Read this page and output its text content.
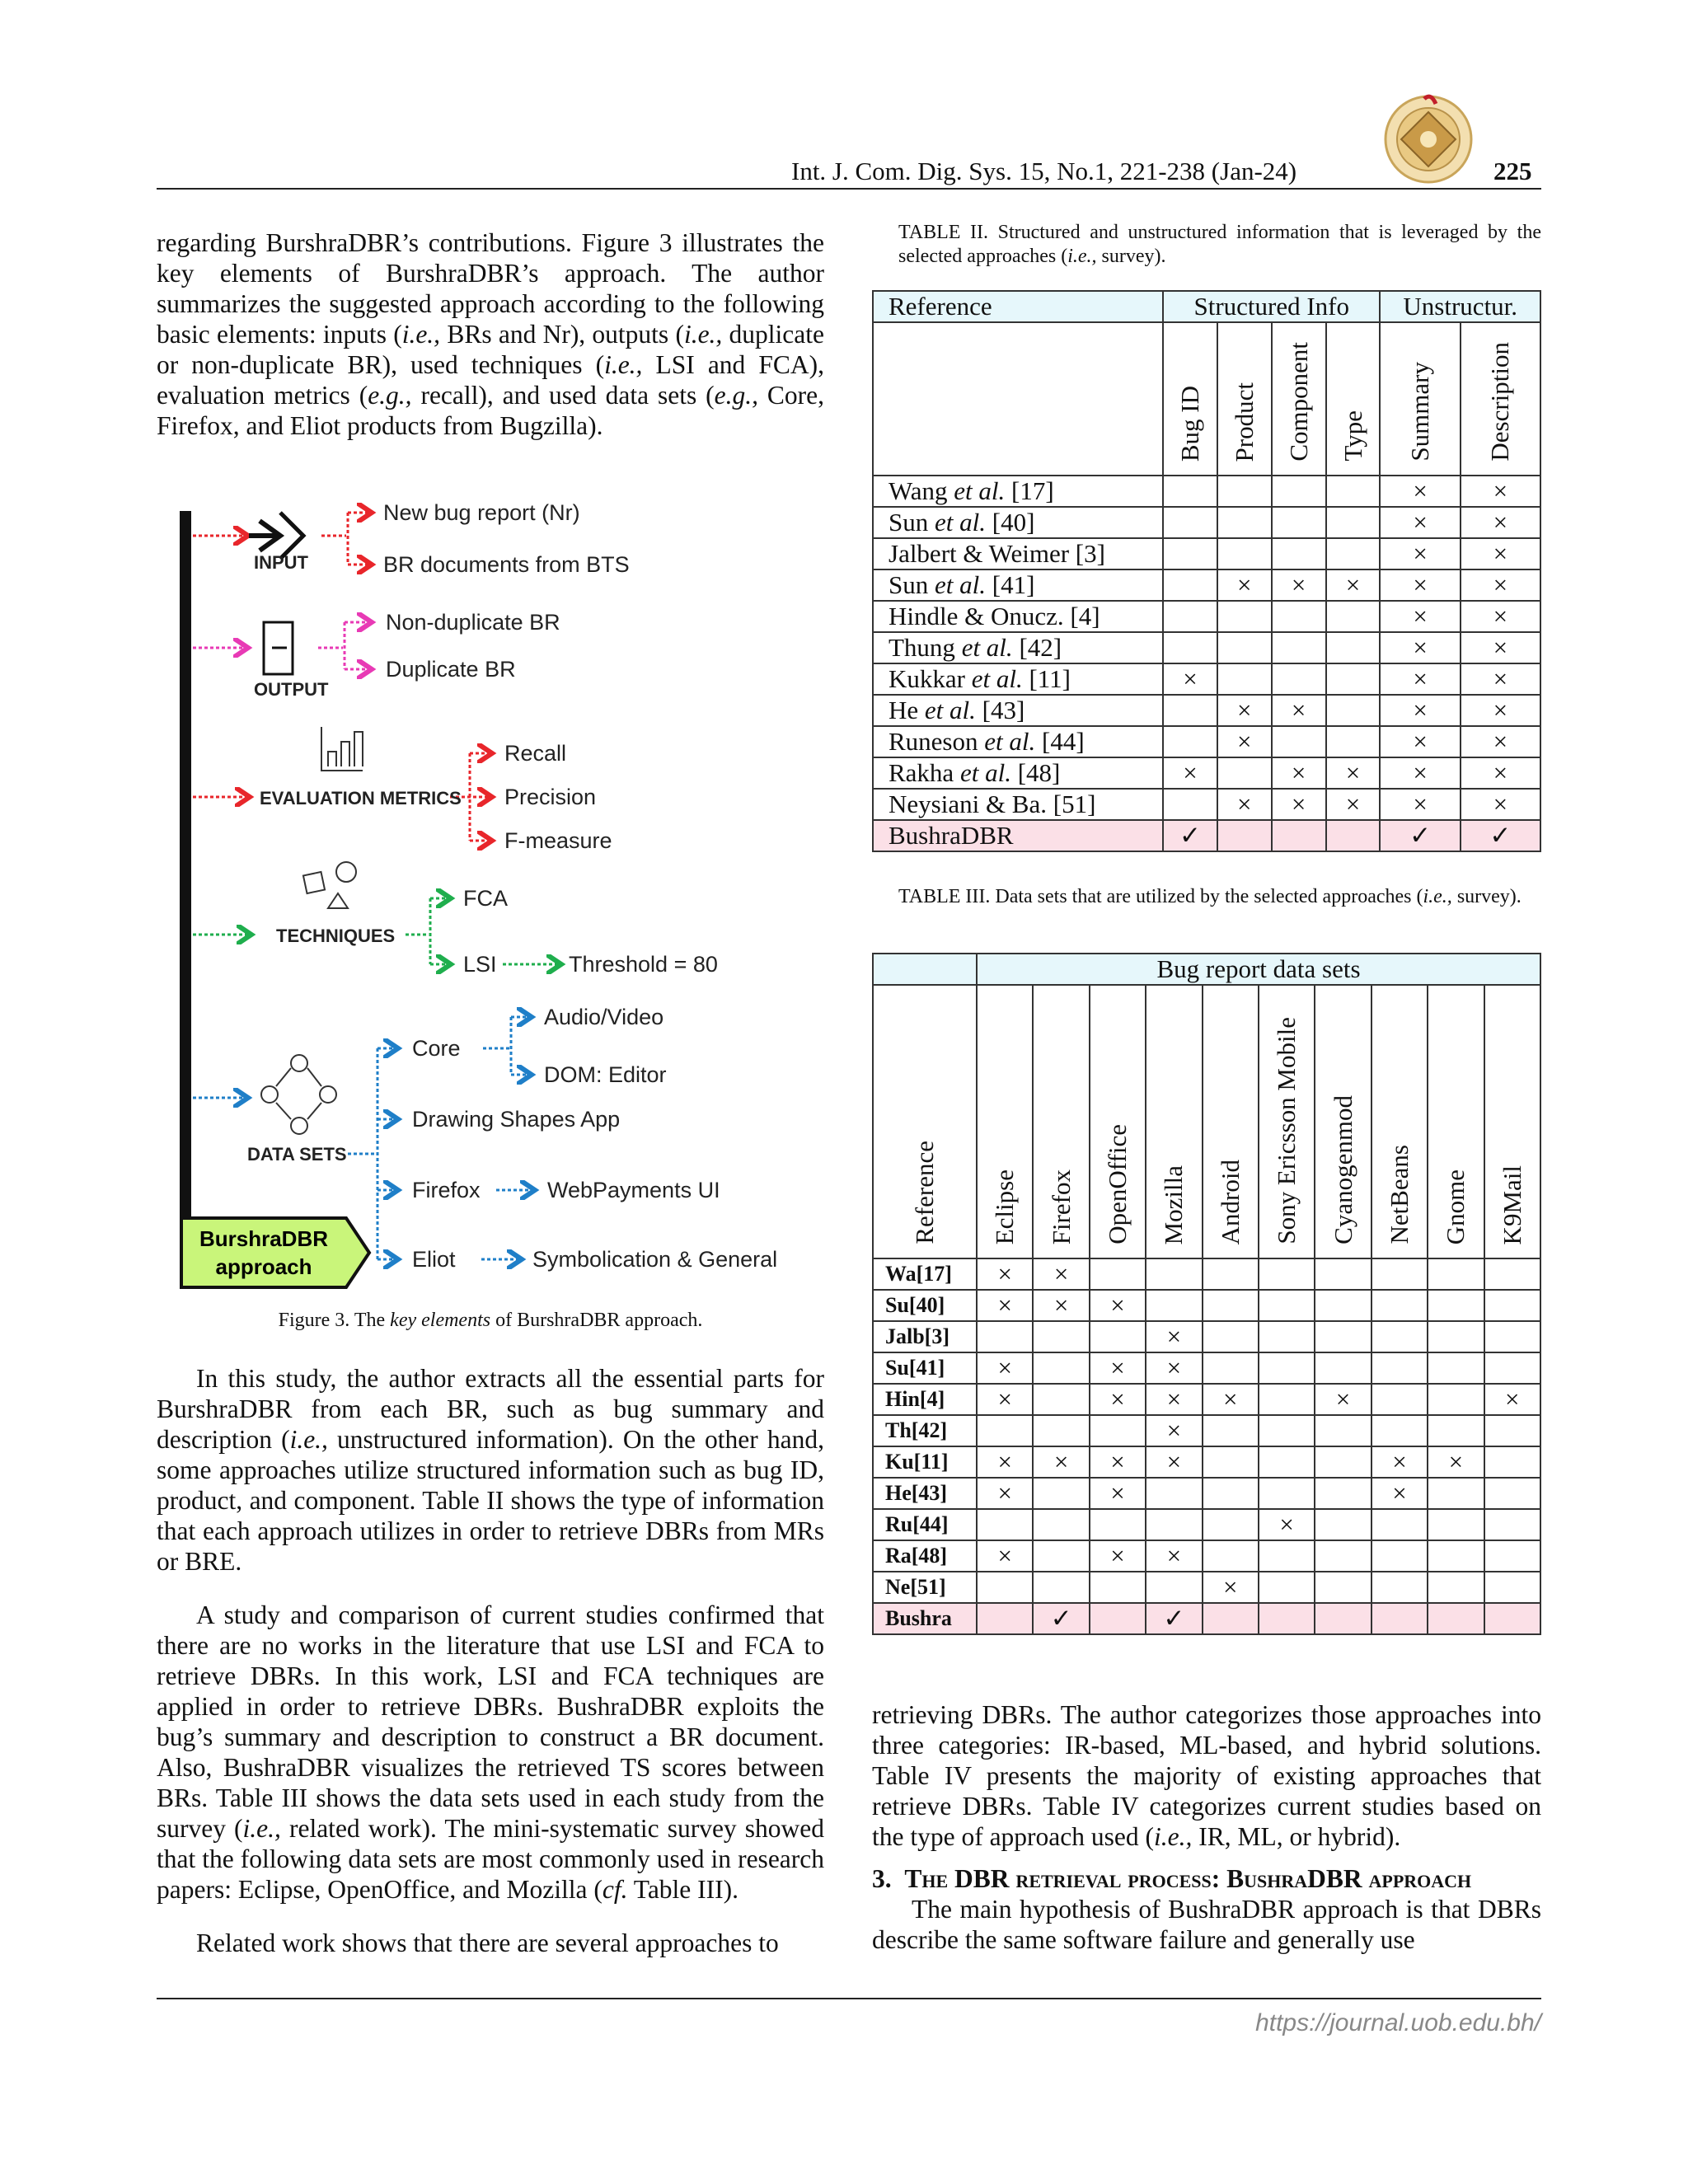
Int. J. Com. Dig. Sys. 15, No.1, 221-238 (Jan-24)	225

regarding BurshraDBR’s contributions. Figure 3 illustrates the key elements of BurshraDBR’s approach. The author summarizes the suggested approach according to the following basic elements: inputs (i.e., BRs and Nr), outputs (i.e., duplicate or non-duplicate BR), used techniques (i.e., LSI and FCA), evaluation metrics (e.g., recall), and used data sets (e.g., Core, Firefox, and Eliot products from Bugzilla).

BurshraDBR
approach
INPUT
New bug report (Nr)
BR documents from BTS
OUTPUT
Non-duplicate BR
Duplicate BR
EVALUATION METRICS
Recall
Precision
F-measure
TECHNIQUES
FCA
LSI	Threshold = 80
DATA SETS
Core
Audio/Video
DOM: Editor
Drawing Shapes App
Firefox	WebPayments UI
Eliot	Symbolication & General
Figure 3. The key elements of BurshraDBR approach.

In this study, the author extracts all the essential parts for BurshraDBR from each BR, such as bug summary and description (i.e., unstructured information). On the other hand, some approaches utilize structured information such as bug ID, product, and component. Table II shows the type of information that each approach utilizes in order to retrieve DBRs from MRs or BRE.

A study and comparison of current studies confirmed that there are no works in the literature that use LSI and FCA to retrieve DBRs. In this work, LSI and FCA techniques are applied in order to retrieve DBRs. BushraDBR exploits the bug’s summary and description to construct a BR document. Also, BushraDBR visualizes the retrieved TS scores between BRs. Table III shows the data sets used in each study from the survey (i.e., related work). The mini-systematic survey showed that the following data sets are most commonly used in research papers: Eclipse, OpenOffice, and Mozilla (cf. Table III).

Related work shows that there are several approaches to

TABLE II. Structured and unstructured information that is leveraged by the selected approaches (i.e., survey).
Reference	Structured Info				Unstructur.	
	Bug ID	Product	Component	Type	Summary	Description
Wang et al. [17]					×	×
Sun et al. [40]					×	×
Jalbert & Weimer [3]					×	×
Sun et al. [41]		×	×	×	×	×
Hindle & Onucz. [4]					×	×
Thung et al. [42]					×	×
Kukkar et al. [11]	×				×	×
He et al. [43]		×	×		×	×
Runeson et al. [44]		×			×	×
Rakha et al. [48]	×		×	×	×	×
Neysiani & Ba. [51]		×	×	×	×	×
BushraDBR	✓				✓	✓
TABLE III. Data sets that are utilized by the selected approaches (i.e., survey).
	Bug report data sets									
Reference	Eclipse	Firefox	OpenOffice	Mozilla	Android	Sony Ericsson Mobile	Cyanogenmod	NetBeans	Gnome	K9Mail
Wa[17]	×	×								
Su[40]	×	×	×							
Jalb[3]				×						
Su[41]	×		×	×						
Hin[4]	×		×	×	×		×			×
Th[42]				×						
Ku[11]	×	×	×	×				×	×	
He[43]	×		×					×		
Ru[44]						×				
Ra[48]	×		×	×						
Ne[51]					×					
Bushra		✓		✓						

retrieving DBRs. The author categorizes those approaches into three categories: IR-based, ML-based, and hybrid solutions. Table IV presents the majority of existing approaches that retrieve DBRs. Table IV categorizes current studies based on the type of approach used (i.e., IR, ML, or hybrid).

3. The DBR retrieval process: BushraDBR approach

The main hypothesis of BushraDBR approach is that DBRs describe the same software failure and generally use

https://journal.uob.edu.bh/
